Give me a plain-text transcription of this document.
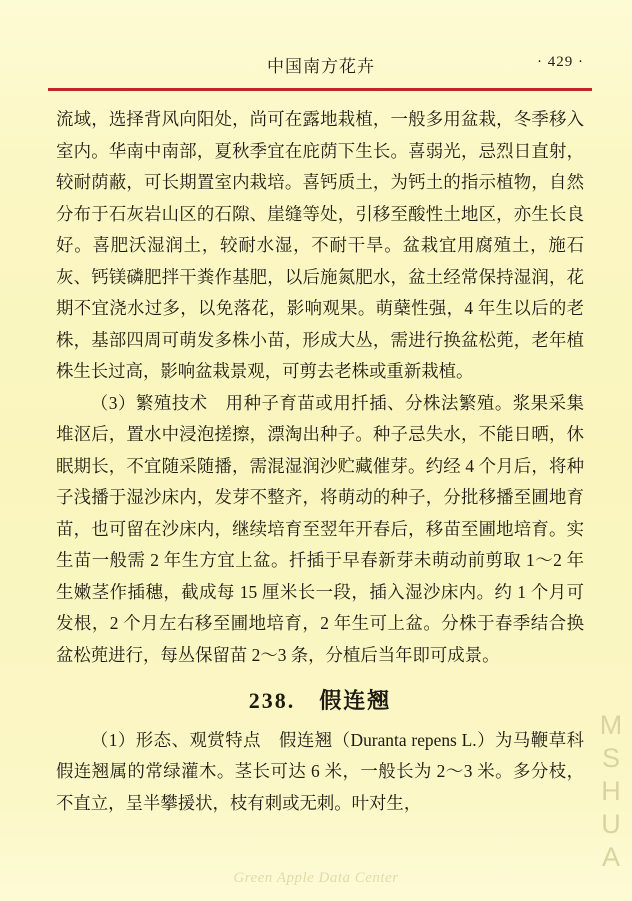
中国南方花卉	· 429 ·

流域，选择背风向阳处，尚可在露地栽植，一般多用盆栽，冬季移入室内。华南中南部，夏秋季宜在庇荫下生长。喜弱光，忌烈日直射，较耐荫蔽，可长期置室内栽培。喜钙质土，为钙土的指示植物，自然分布于石灰岩山区的石隙、崖缝等处，引移至酸性土地区，亦生长良好。喜肥沃湿润土，较耐水湿，不耐干旱。盆栽宜用腐殖土，施石灰、钙镁磷肥拌干粪作基肥，以后施氮肥水，盆土经常保持湿润，花期不宜浇水过多，以免落花，影响观果。萌蘖性强，4 年生以后的老株，基部四周可萌发多株小苗，形成大丛，需进行换盆松蔸，老年植株生长过高，影响盆栽景观，可剪去老株或重新栽植。

（3）繁殖技术　用种子育苗或用扦插、分株法繁殖。浆果采集堆沤后，置水中浸泡搓擦，漂淘出种子。种子忌失水，不能日晒，休眠期长，不宜随采随播，需混湿润沙贮藏催芽。约经 4 个月后，将种子浅播于湿沙床内，发芽不整齐，将萌动的种子，分批移播至圃地育苗，也可留在沙床内，继续培育至翌年开春后，移苗至圃地培育。实生苗一般需 2 年生方宜上盆。扦插于早春新芽未萌动前剪取 1～2 年生嫩茎作插穗，截成每 15 厘米长一段，插入湿沙床内。约 1 个月可发根，2 个月左右移至圃地培育，2 年生可上盆。分株于春季结合换盆松蔸进行，每丛保留苗 2～3 条，分植后当年即可成景。

238.　假连翘

（1）形态、观赏特点　假连翘（Duranta repens L.）为马鞭草科假连翘属的常绿灌木。茎长可达 6 米，一般长为 2～3 米。多分枝，不直立，呈半攀援状，枝有刺或无刺。叶对生，	MSHUA
Green Apple Data Center
